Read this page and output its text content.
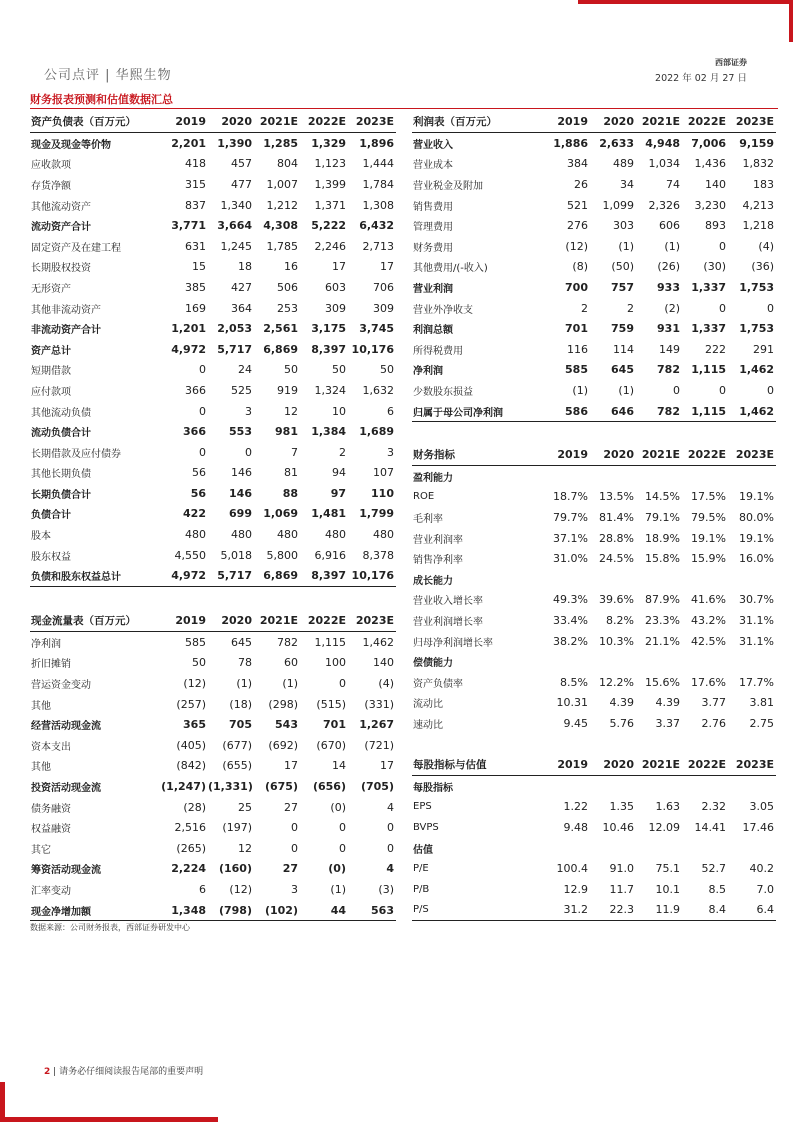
公司点评 | 华熙生物
西部证券
2022 年 02 月 27 日
财务报表预测和估值数据汇总
资产负债表（百万元）	2019	2020	2021E	2022E	2023E
现金及现金等价物	2,201	1,390	1,285	1,329	1,896
应收款项	418	457	804	1,123	1,444
存货净额	315	477	1,007	1,399	1,784
其他流动资产	837	1,340	1,212	1,371	1,308
流动资产合计	3,771	3,664	4,308	5,222	6,432
固定资产及在建工程	631	1,245	1,785	2,246	2,713
长期股权投资	15	18	16	17	17
无形资产	385	427	506	603	706
其他非流动资产	169	364	253	309	309
非流动资产合计	1,201	2,053	2,561	3,175	3,745
资产总计	4,972	5,717	6,869	8,397	10,176
短期借款	0	24	50	50	50
应付款项	366	525	919	1,324	1,632
其他流动负债	0	3	12	10	6
流动负债合计	366	553	981	1,384	1,689
长期借款及应付债券	0	0	7	2	3
其他长期负债	56	146	81	94	107
长期负债合计	56	146	88	97	110
负债合计	422	699	1,069	1,481	1,799
股本	480	480	480	480	480
股东权益	4,550	5,018	5,800	6,916	8,378
负债和股东权益总计	4,972	5,717	6,869	8,397	10,176
现金流量表（百万元）	2019	2020	2021E	2022E	2023E
净利润	585	645	782	1,115	1,462
折旧摊销	50	78	60	100	140
营运资金变动	(12)	(1)	(1)	0	(4)
其他	(257)	(18)	(298)	(515)	(331)
经营活动现金流	365	705	543	701	1,267
资本支出	(405)	(677)	(692)	(670)	(721)
其他	(842)	(655)	17	14	17
投资活动现金流	(1,247)	(1,331)	(675)	(656)	(705)
债务融资	(28)	25	27	(0)	4
权益融资	2,516	(197)	0	0	0
其它	(265)	12	0	0	0
筹资活动现金流	2,224	(160)	27	(0)	4
汇率变动	6	(12)	3	(1)	(3)
现金净增加额	1,348	(798)	(102)	44	563
利润表（百万元）	2019	2020	2021E	2022E	2023E
营业收入	1,886	2,633	4,948	7,006	9,159
营业成本	384	489	1,034	1,436	1,832
营业税金及附加	26	34	74	140	183
销售费用	521	1,099	2,326	3,230	4,213
管理费用	276	303	606	893	1,218
财务费用	(12)	(1)	(1)	0	(4)
其他费用/(-收入)	(8)	(50)	(26)	(30)	(36)
营业利润	700	757	933	1,337	1,753
营业外净收支	2	2	(2)	0	0
利润总额	701	759	931	1,337	1,753
所得税费用	116	114	149	222	291
净利润	585	645	782	1,115	1,462
少数股东损益	(1)	(1)	0	0	0
归属于母公司净利润	586	646	782	1,115	1,462
财务指标	2019	2020	2021E	2022E	2023E
盈利能力					
ROE	18.7%	13.5%	14.5%	17.5%	19.1%
毛利率	79.7%	81.4%	79.1%	79.5%	80.0%
营业利润率	37.1%	28.8%	18.9%	19.1%	19.1%
销售净利率	31.0%	24.5%	15.8%	15.9%	16.0%
成长能力					
营业收入增长率	49.3%	39.6%	87.9%	41.6%	30.7%
营业利润增长率	33.4%	8.2%	23.3%	43.2%	31.1%
归母净利润增长率	38.2%	10.3%	21.1%	42.5%	31.1%
偿债能力					
资产负债率	8.5%	12.2%	15.6%	17.6%	17.7%
流动比	10.31	4.39	4.39	3.77	3.81
速动比	9.45	5.76	3.37	2.76	2.75
每股指标与估值	2019	2020	2021E	2022E	2023E
每股指标					
EPS	1.22	1.35	1.63	2.32	3.05
BVPS	9.48	10.46	12.09	14.41	17.46
估值					
P/E	100.4	91.0	75.1	52.7	40.2
P/B	12.9	11.7	10.1	8.5	7.0
P/S	31.2	22.3	11.9	8.4	6.4
数据来源：公司财务报表，西部证券研发中心
2 | 请务必仔细阅读报告尾部的重要声明
